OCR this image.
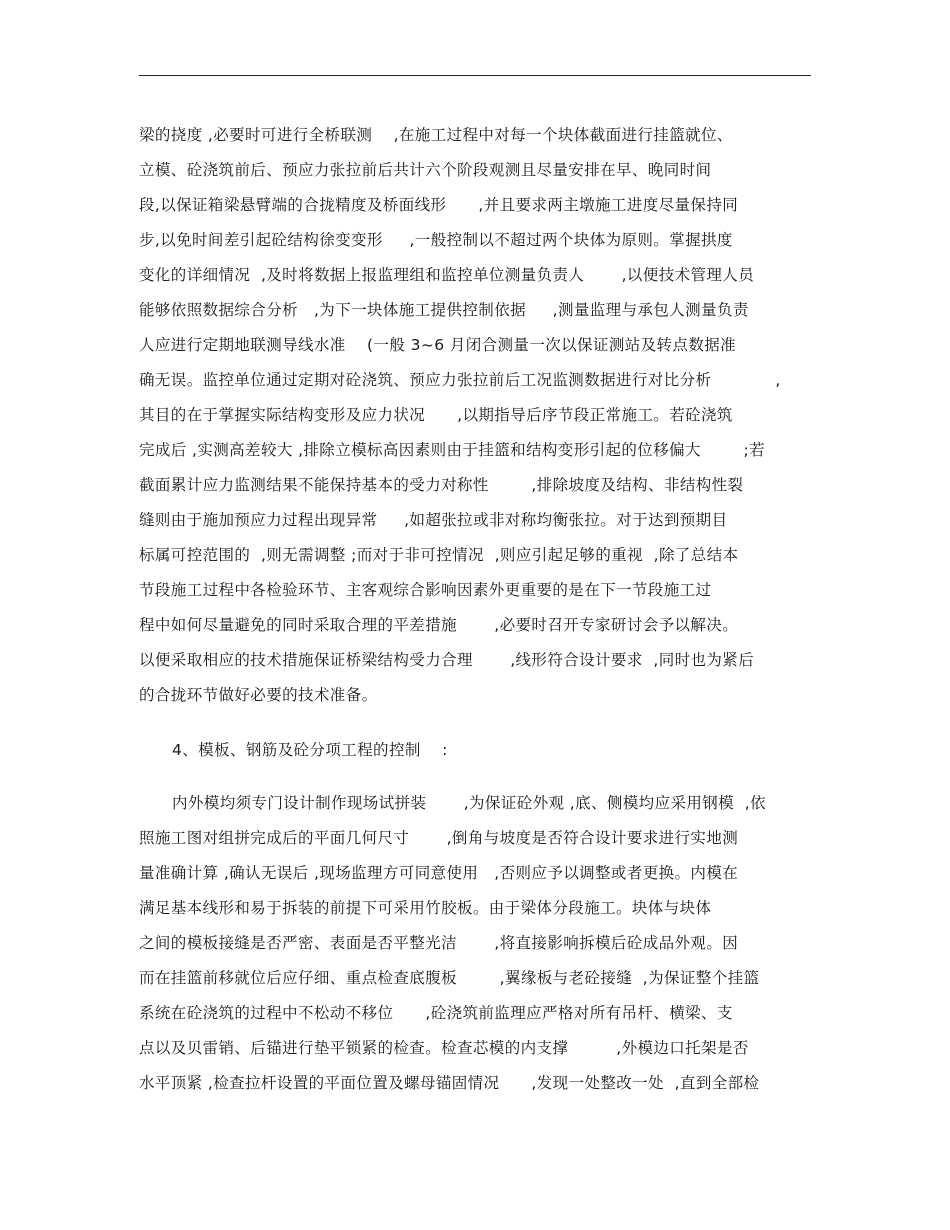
梁的挠度 ,必要时可进行全桥联测    ,在施工过程中对每一个块体截面进行挂篮就位、
立模、砼浇筑前后、预应力张拉前后共计六个阶段观测且尽量安排在早、晚同时间
段,以保证箱梁悬臂端的合拢精度及桥面线形      ,并且要求两主墩施工进度尽量保持同
步,以免时间差引起砼结构徐变变形     ,一般控制以不超过两个块体为原则。掌握拱度
变化的详细情况  ,及时将数据上报监理组和监控单位测量负责人       ,以便技术管理人员
能够依照数据综合分析   ,为下一块体施工提供控制依据     ,测量监理与承包人测量负责
人应进行定期地联测导线水准    (一般 3~6 月闭合测量一次以保证测站及转点数据准
确无误。监控单位通过定期对砼浇筑、预应力张拉前后工况监测数据进行对比分析            ,
其目的在于掌握实际结构变形及应力状况      ,以期指导后序节段正常施工。若砼浇筑
完成后 ,实测高差较大 ,排除立模标高因素则由于挂篮和结构变形引起的位移偏大        ;若
截面累计应力监测结果不能保持基本的受力对称性        ,排除坡度及结构、非结构性裂
缝则由于施加预应力过程出现异常     ,如超张拉或非对称均衡张拉。对于达到预期目
标属可控范围的  ,则无需调整 ;而对于非可控情况  ,则应引起足够的重视  ,除了总结本
节段施工过程中各检验环节、主客观综合影响因素外更重要的是在下一节段施工过
程中如何尽量避免的同时采取合理的平差措施       ,必要时召开专家研讨会予以解决。
以便采取相应的技术措施保证桥梁结构受力合理       ,线形符合设计要求  ,同时也为紧后
的合拢环节做好必要的技术准备。
4、模板、钢筋及砼分项工程的控制    :
内外模均须专门设计制作现场试拼装       ,为保证砼外观 ,底、侧模均应采用钢模  ,依
照施工图对组拼完成后的平面几何尺寸       ,倒角与坡度是否符合设计要求进行实地测
量准确计算 ,确认无误后 ,现场监理方可同意使用   ,否则应予以调整或者更换。内模在
满足基本线形和易于拆装的前提下可采用竹胶板。由于梁体分段施工。块体与块体
之间的模板接缝是否严密、表面是否平整光洁       ,将直接影响拆模后砼成品外观。因
而在挂篮前移就位后应仔细、重点检查底腹板        ,翼缘板与老砼接缝  ,为保证整个挂篮
系统在砼浇筑的过程中不松动不移位      ,砼浇筑前监理应严格对所有吊杆、横梁、支
点以及贝雷销、后锚进行垫平锁紧的检查。检查芯模的内支撑         ,外模边口托架是否
水平顶紧 ,检查拉杆设置的平面位置及螺母锚固情况      ,发现一处整改一处  ,直到全部检
